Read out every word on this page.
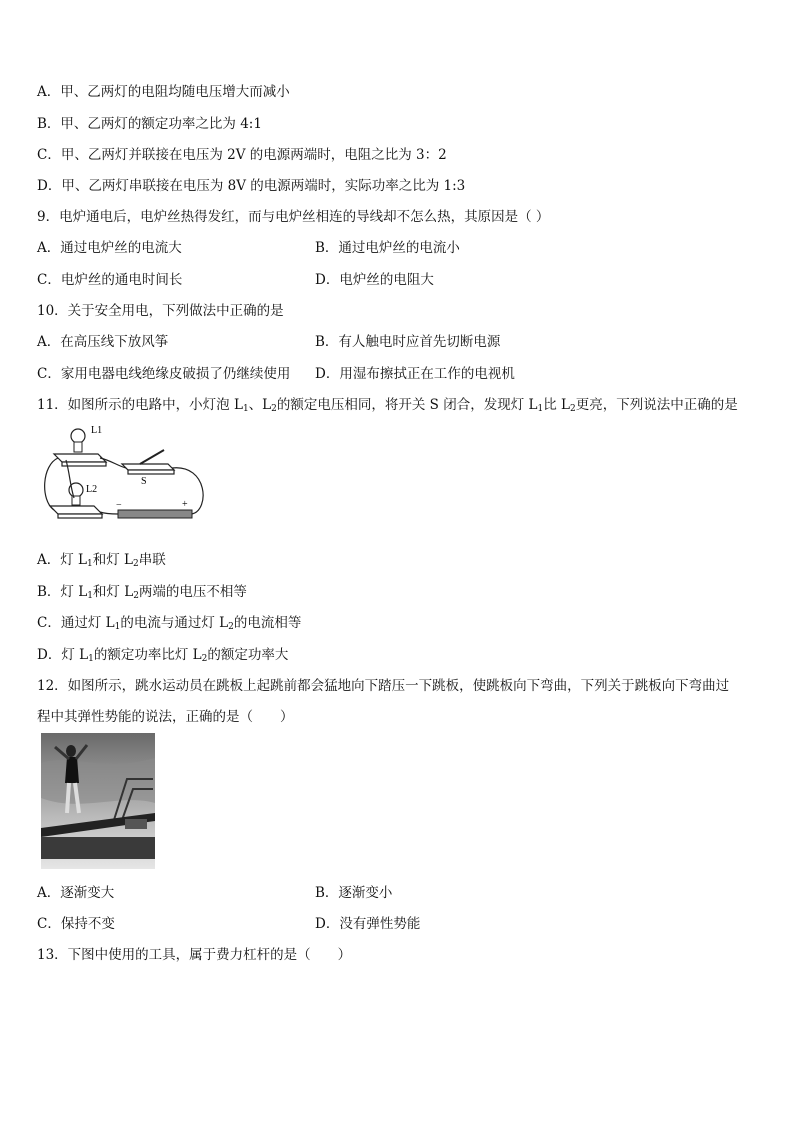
A．甲、乙两灯的电阻均随电压增大而减小
B．甲、乙两灯的额定功率之比为 4:1
C．甲、乙两灯并联接在电压为 2V 的电源两端时，电阻之比为 3：2
D．甲、乙两灯串联接在电压为 8V 的电源两端时，实际功率之比为 1:3
9．电炉通电后，电炉丝热得发红，而与电炉丝相连的导线却不怎么热，其原因是（ ）
A．通过电炉丝的电流大	B．通过电炉丝的电流小
C．电炉丝的通电时间长	D．电炉丝的电阻大
10．关于安全用电，下列做法中正确的是
A．在高压线下放风筝	B．有人触电时应首先切断电源
C．家用电器电线绝缘皮破损了仍继续使用 D．用湿布擦拭正在工作的电视机
11．如图所示的电路中，小灯泡 $L_1$、$L_2$的额定电压相同，将开关 S 闭合，发现灯 $L_1$比 $L_2$更亮，下列说法中正确的是
L1
S
L2
−	+
A．灯 $L_1$和灯 $L_2$串联
B．灯 $L_1$和灯 $L_2$两端的电压不相等
C．通过灯 $L_1$的电流与通过灯 $L_2$的电流相等
D．灯 $L_1$的额定功率比灯 $L_2$的额定功率大
12．如图所示，跳水运动员在跳板上起跳前都会猛地向下踏压一下跳板，使跳板向下弯曲，下列关于跳板向下弯曲过
程中其弹性势能的说法，正确的是（　　）
A．逐渐变大	B．逐渐变小
C．保持不变	D．没有弹性势能
13．下图中使用的工具，属于费力杠杆的是（　　）
